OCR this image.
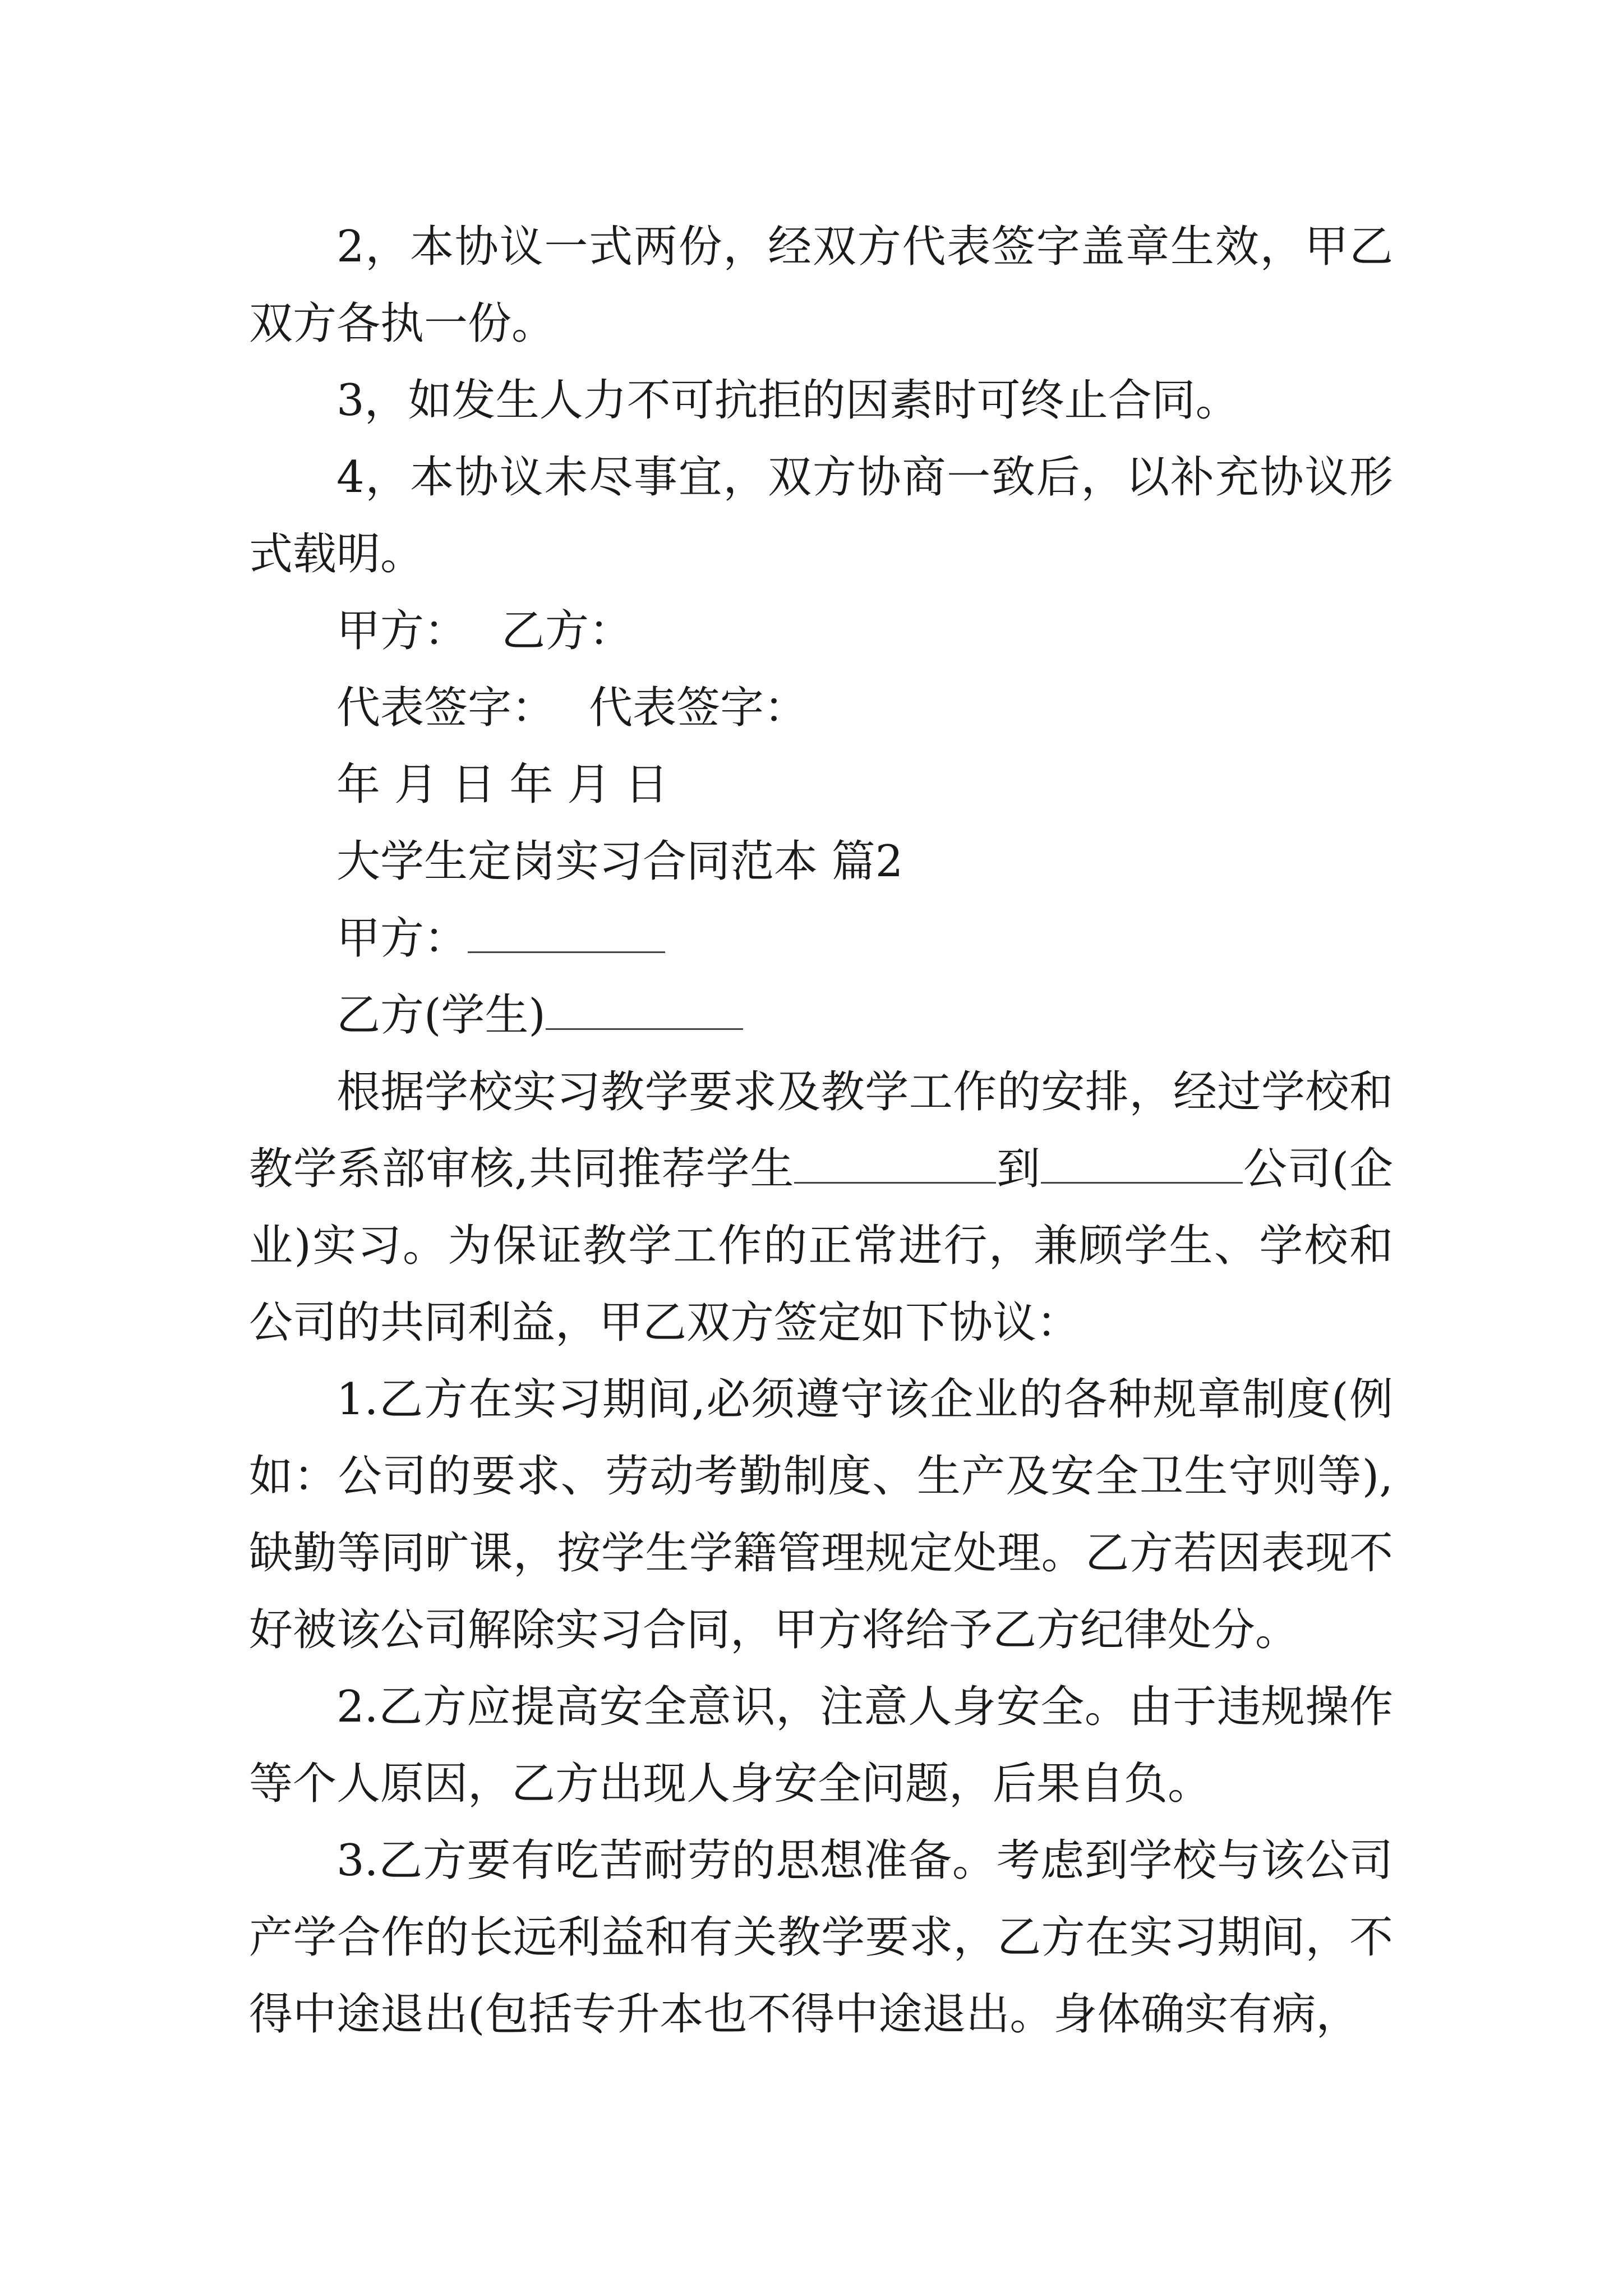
2，本协议一式两份，经双方代表签字盖章生效，甲乙双方各执一份。

3，如发生人力不可抗拒的因素时可终止合同。

4，本协议未尽事宜，双方协商一致后，以补充协议形式载明。

甲方： 乙方：

代表签字： 代表签字：

年 月 日 年 月 日

大学生定岗实习合同范本 篇2

甲方：

乙方(学生)

根据学校实习教学要求及教学工作的安排，经过学校和教学系部审核,共同推荐学生	到	公司(企业)实习。为保证教学工作的正常进行，兼顾学生、学校和公司的共同利益，甲乙双方签定如下协议：

1.乙方在实习期间,必须遵守该企业的各种规章制度(例如：公司的要求、劳动考勤制度、生产及安全卫生守则等),缺勤等同旷课，按学生学籍管理规定处理。乙方若因表现不好被该公司解除实习合同，甲方将给予乙方纪律处分。

2.乙方应提高安全意识，注意人身安全。由于违规操作等个人原因，乙方出现人身安全问题，后果自负。

3.乙方要有吃苦耐劳的思想准备。考虑到学校与该公司产学合作的长远利益和有关教学要求，乙方在实习期间，不得中途退出(包括专升本也不得中途退出。身体确实有病，
